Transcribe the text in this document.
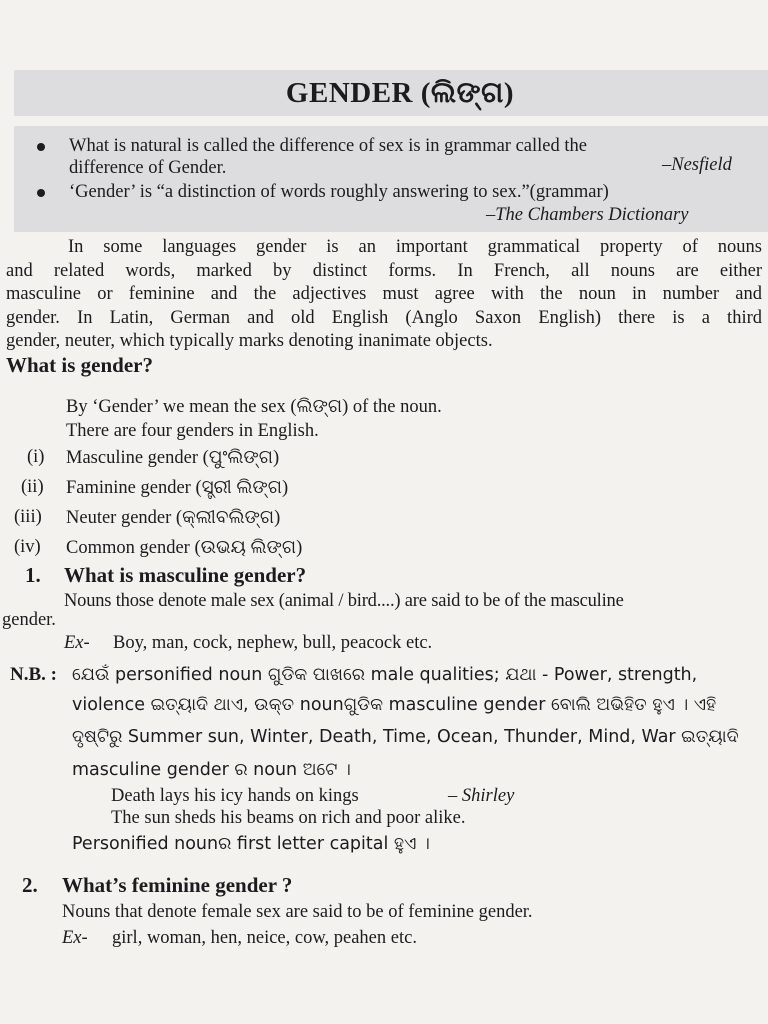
GENDER (ଲିଙ୍ଗ)
What is natural is called the difference of sex is in grammar called the
difference of Gender.	–Nesfield
‘Gender’ is “a distinction of words roughly answering to sex.”(grammar)
–The Chambers Dictionary
In some languages gender is an important grammatical property of nouns
and related words, marked by distinct forms. In French, all nouns are either
masculine or feminine and the adjectives must agree with the noun in number and
gender. In Latin, German and old English (Anglo Saxon English) there is a third
gender, neuter, which typically marks denoting inanimate objects.
What is gender?
By ‘Gender’ we mean the sex (ଲିଙ୍ଗ) of the noun.
There are four genders in English.
(i) Masculine gender (ପୁଂଲିଙ୍ଗ)
(ii) Faminine gender (ସ୍ତ୍ରୀ ଲିଙ୍ଗ)
(iii) Neuter gender (କ୍ଲୀବଲିଙ୍ଗ)
(iv) Common gender (ଉଭୟ ଲିଙ୍ଗ)
1. What is masculine gender?
Nouns those denote male sex (animal / bird....) are said to be of the masculine
gender.
Ex- Boy, man, cock, nephew, bull, peacock etc.
N.B. : ଯେଉଁ personified noun ଗୁଡିକ ପାଖରେ male qualities; ଯଥା - Power, strength,
violence ଇତ୍ୟାଦି ଥାଏ, ଉକ୍ତ nounଗୁଡିକ masculine gender ବୋଲି ଅଭିହିତ ହୁଏ । ଏହି
ଦୃଷ୍ଟିରୁ Summer sun, Winter, Death, Time, Ocean, Thunder, Mind, War ଇତ୍ୟାଦି
masculine gender ର noun ଅଟେ ।
Death lays his icy hands on kings	– Shirley
The sun sheds his beams on rich and poor alike.
Personified nounର first letter capital ହୁଏ ।
2. What’s feminine gender ?
Nouns that denote female sex are said to be of feminine gender.
Ex- girl, woman, hen, neice, cow, peahen etc.
